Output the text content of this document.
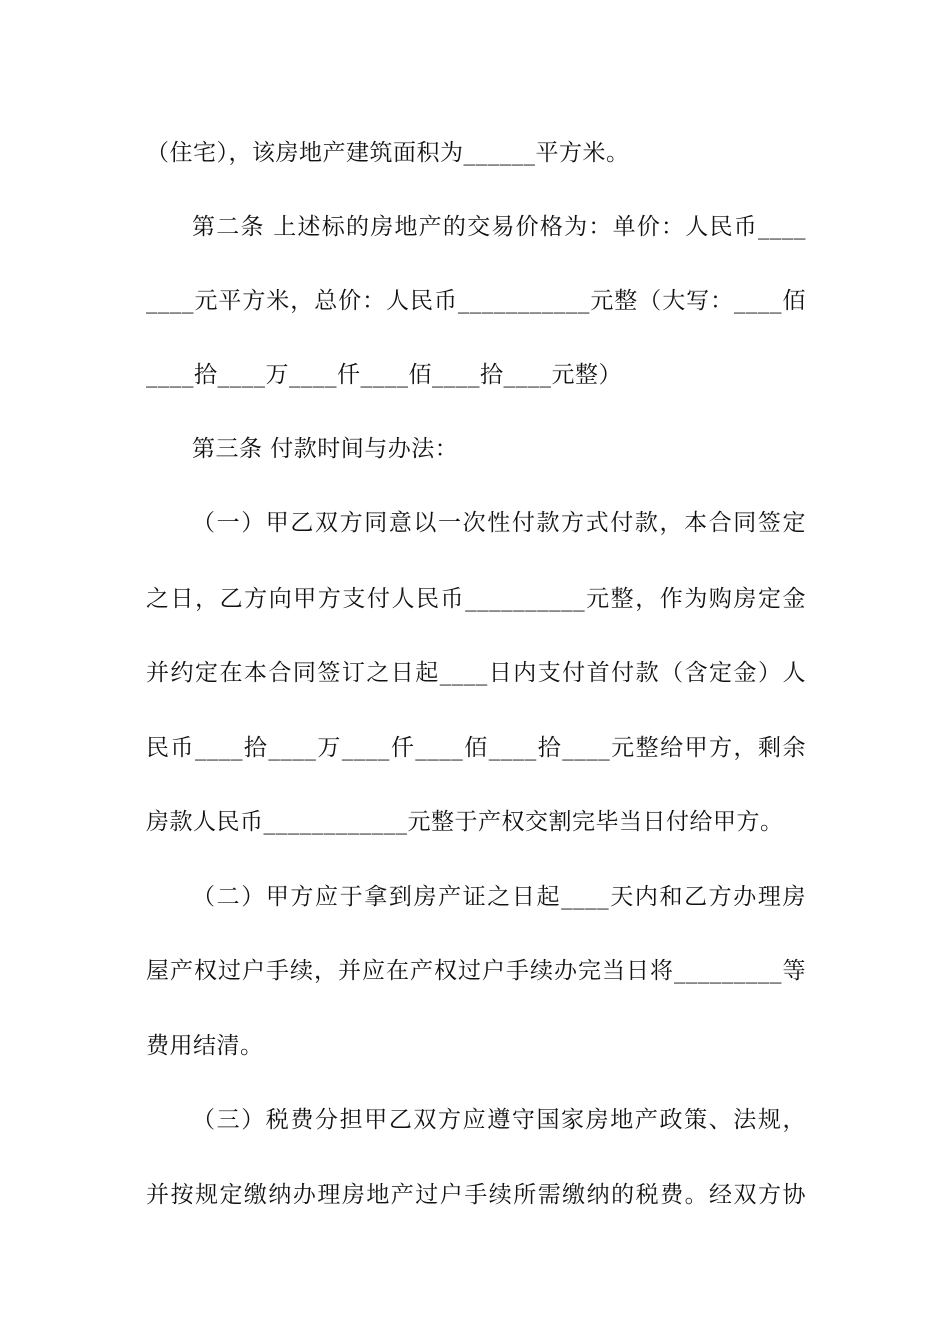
（住宅），该房地产建筑面积为______平方米。
第二条 上述标的房地产的交易价格为：单价：人民币____
____元平方米，总价：人民币___________元整（大写：____佰
____拾____万____仟____佰____拾____元整）
第三条 付款时间与办法：
（一）甲乙双方同意以一次性付款方式付款，本合同签定
之日，乙方向甲方支付人民币__________元整，作为购房定金
并约定在本合同签订之日起____日内支付首付款（含定金）人
民币____拾____万____仟____佰____拾____元整给甲方，剩余
房款人民币____________元整于产权交割完毕当日付给甲方。
（二）甲方应于拿到房产证之日起____天内和乙方办理房
屋产权过户手续，并应在产权过户手续办完当日将_________等
费用结清。
（三）税费分担甲乙双方应遵守国家房地产政策、法规，
并按规定缴纳办理房地产过户手续所需缴纳的税费。经双方协
